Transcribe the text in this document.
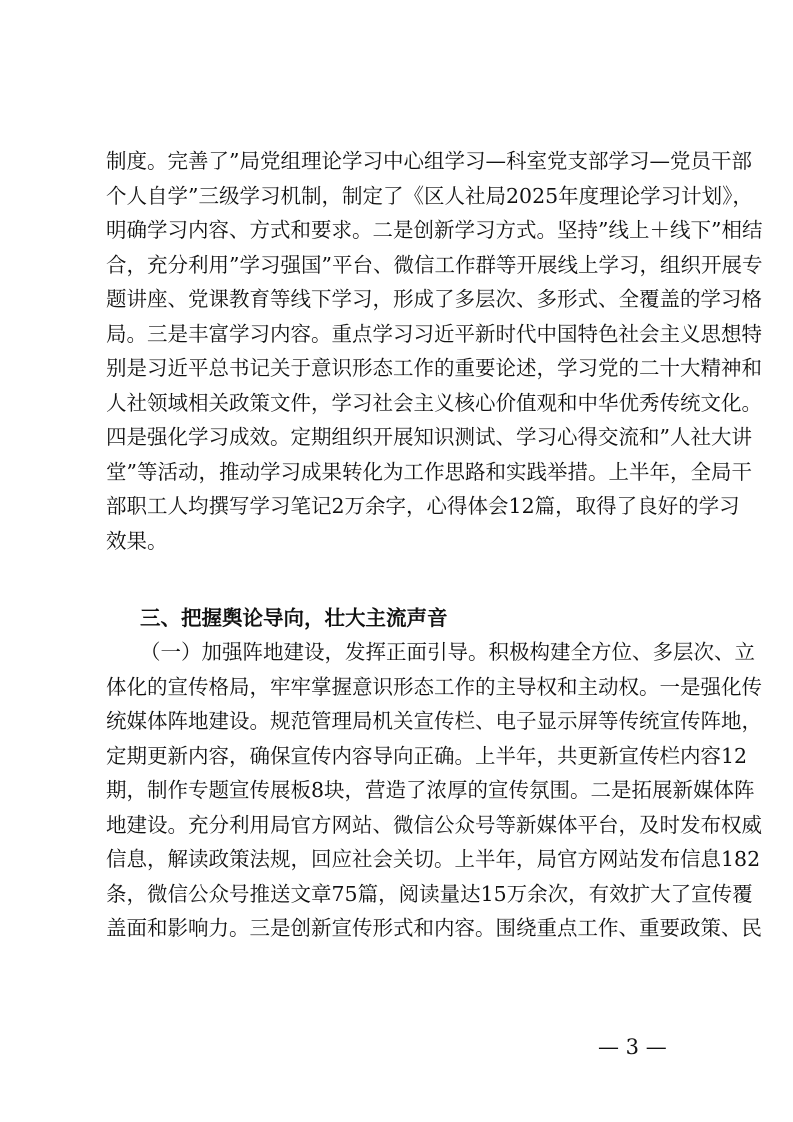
制度。完善了”局党组理论学习中心组学习—科室党支部学习—党员干部
个人自学”三级学习机制，制定了《区人社局2025年度理论学习计划》，
明确学习内容、方式和要求。二是创新学习方式。坚持”线上＋线下”相结
合，充分利用”学习强国”平台、微信工作群等开展线上学习，组织开展专
题讲座、党课教育等线下学习，形成了多层次、多形式、全覆盖的学习格
局。三是丰富学习内容。重点学习习近平新时代中国特色社会主义思想特
别是习近平总书记关于意识形态工作的重要论述，学习党的二十大精神和
人社领域相关政策文件，学习社会主义核心价值观和中华优秀传统文化。
四是强化学习成效。定期组织开展知识测试、学习心得交流和”人社大讲
堂”等活动，推动学习成果转化为工作思路和实践举措。上半年，全局干
部职工人均撰写学习笔记2万余字，心得体会12篇，取得了良好的学习
效果。
三、把握舆论导向，壮大主流声音
（一）加强阵地建设，发挥正面引导。积极构建全方位、多层次、立
体化的宣传格局，牢牢掌握意识形态工作的主导权和主动权。一是强化传
统媒体阵地建设。规范管理局机关宣传栏、电子显示屏等传统宣传阵地，
定期更新内容，确保宣传内容导向正确。上半年，共更新宣传栏内容12
期，制作专题宣传展板8块，营造了浓厚的宣传氛围。二是拓展新媒体阵
地建设。充分利用局官方网站、微信公众号等新媒体平台，及时发布权威
信息，解读政策法规，回应社会关切。上半年，局官方网站发布信息182
条，微信公众号推送文章75篇，阅读量达15万余次，有效扩大了宣传覆
盖面和影响力。三是创新宣传形式和内容。围绕重点工作、重要政策、民
— 3 —
